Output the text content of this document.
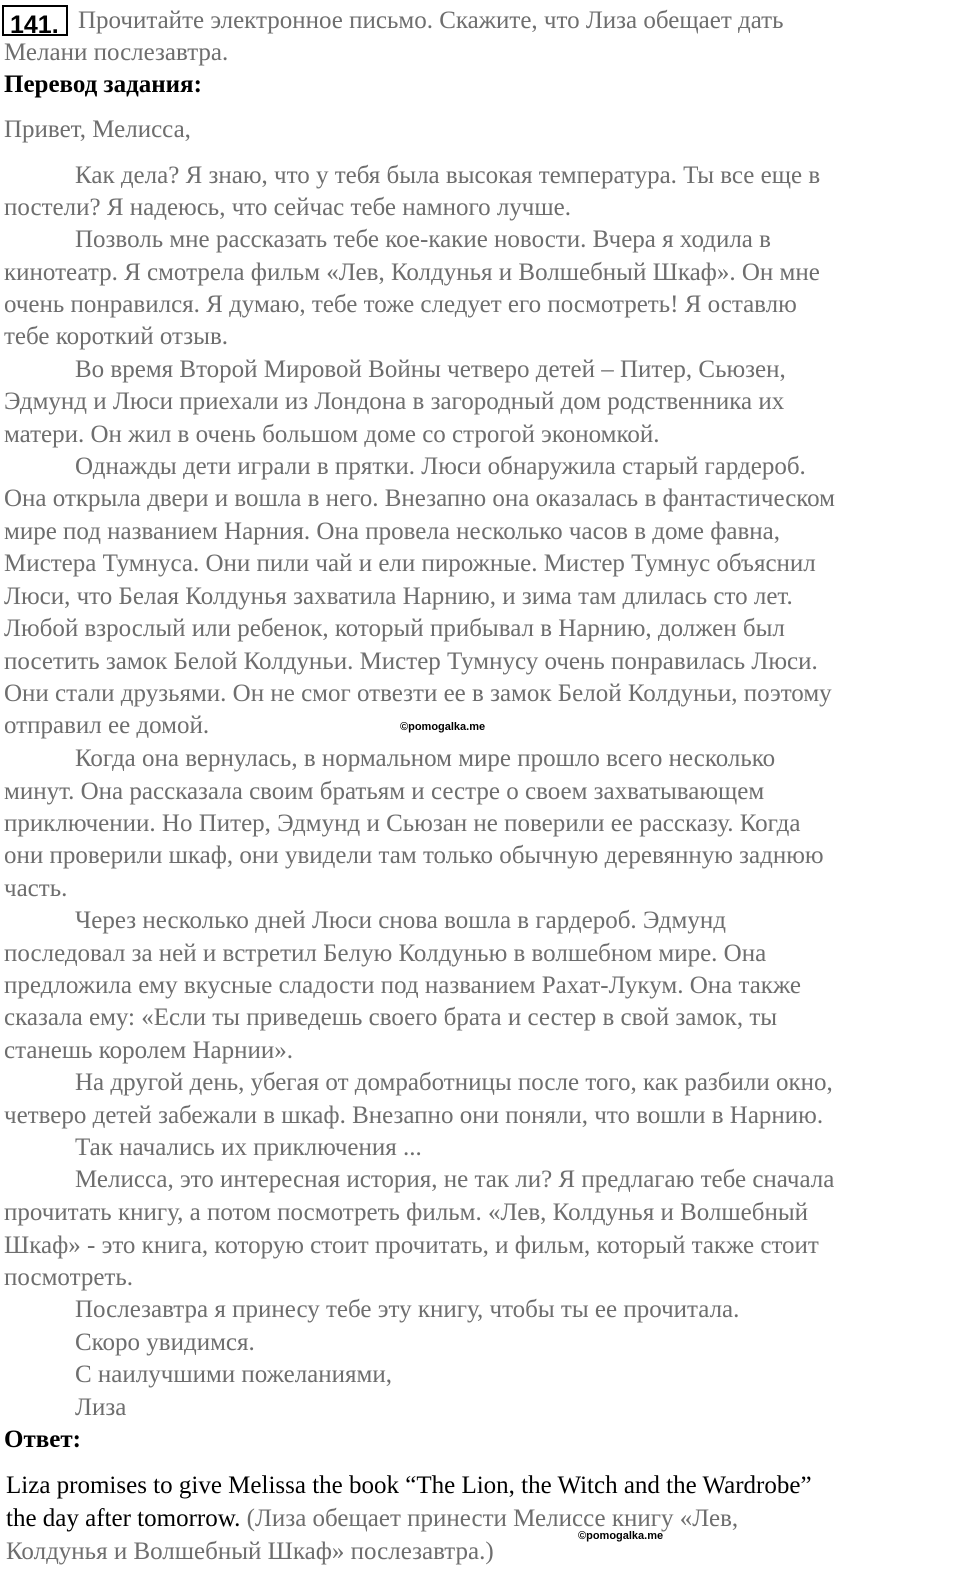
141. Прочитайте электронное письмо. Скажите, что Лиза обещает дать
Мелани послезавтра.
Перевод задания:
Привет, Мелисса,
Как дела? Я знаю, что у тебя была высокая температура. Ты все еще в
постели? Я надеюсь, что сейчас тебе намного лучше.
Позволь мне рассказать тебе кое-какие новости. Вчера я ходила в
кинотеатр. Я смотрела фильм «Лев, Колдунья и Волшебный Шкаф». Он мне
очень понравился. Я думаю, тебе тоже следует его посмотреть! Я оставлю
тебе короткий отзыв.
Во время Второй Мировой Войны четверо детей – Питер, Сьюзен,
Эдмунд и Люси приехали из Лондона в загородный дом родственника их
матери. Он жил в очень большом доме со строгой экономкой.
Однажды дети играли в прятки. Люси обнаружила старый гардероб.
Она открыла двери и вошла в него. Внезапно она оказалась в фантастическом
мире под названием Нарния. Она провела несколько часов в доме фавна,
Мистера Тумнуса. Они пили чай и ели пирожные. Мистер Тумнус объяснил
Люси, что Белая Колдунья захватила Нарнию, и зима там длилась сто лет.
Любой взрослый или ребенок, который прибывал в Нарнию, должен был
посетить замок Белой Колдуньи. Мистер Тумнусу очень понравилась Люси.
Они стали друзьями. Он не смог отвезти ее в замок Белой Колдуньи, поэтому
отправил ее домой.
Когда она вернулась, в нормальном мире прошло всего несколько
минут. Она рассказала своим братьям и сестре о своем захватывающем
приключении. Но Питер, Эдмунд и Сьюзан не поверили ее рассказу. Когда
они проверили шкаф, они увидели там только обычную деревянную заднюю
часть.
Через несколько дней Люси снова вошла в гардероб. Эдмунд
последовал за ней и встретил Белую Колдунью в волшебном мире. Она
предложила ему вкусные сладости под названием Рахат-Лукум. Она также
сказала ему: «Если ты приведешь своего брата и сестер в свой замок, ты
станешь королем Нарнии».
На другой день, убегая от домработницы после того, как разбили окно,
четверо детей забежали в шкаф. Внезапно они поняли, что вошли в Нарнию.
Так начались их приключения ...
Мелисса, это интересная история, не так ли? Я предлагаю тебе сначала
прочитать книгу, а потом посмотреть фильм. «Лев, Колдунья и Волшебный
Шкаф» - это книга, которую стоит прочитать, и фильм, который также стоит
посмотреть.
Послезавтра я принесу тебе эту книгу, чтобы ты ее прочитала.
Скоро увидимся.
С наилучшими пожеланиями,
Лиза
©pomogalka.me
Ответ:
Liza promises to give Melissa the book “The Lion, the Witch and the Wardrobe”
the day after tomorrow. (Лиза обещает принести Мелиссе книгу «Лев,
Колдунья и Волшебный Шкаф» послезавтра.)
©pomogalka.me
